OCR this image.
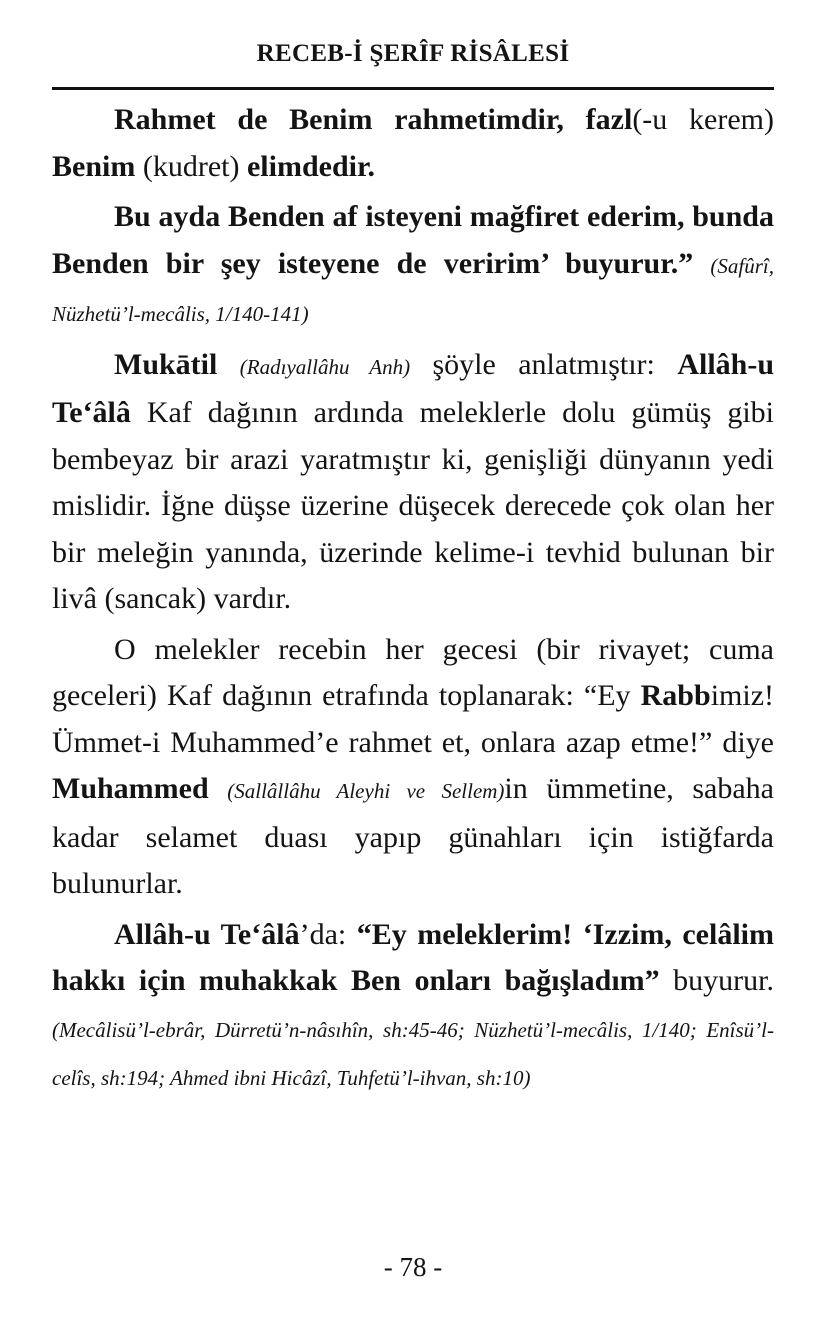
RECEB-İ ŞERÎF RİSÂLESİ

Rahmet de Benim rahmetimdir, fazl(-u kerem) Benim (kudret) elimdedir.

Bu ayda Benden af isteyeni mağfiret ederim, bunda Benden bir şey isteyene de veririm’ buyurur.” (Safûrî, Nüzhetü’l-mecâlis, 1/140-141)

Mukātil (Radıyallâhu Anh) şöyle anlatmıştır: Allâh-u Te‘âlâ Kaf dağının ardında meleklerle dolu gümüş gibi bembeyaz bir arazi yaratmıştır ki, genişliği dünyanın yedi mislidir. İğne düşse üzerine düşecek derecede çok olan her bir meleğin yanında, üzerinde kelime-i tevhid bulunan bir livâ (sancak) vardır.

O melekler recebin her gecesi (bir rivayet; cuma geceleri) Kaf dağının etrafında toplanarak: “Ey Rabbimiz! Ümmet-i Muhammed’e rahmet et, onlara azap etme!” diye Muhammed (Sallâllâhu Aleyhi ve Sellem)in ümmetine, sabaha kadar selamet duası yapıp günahları için istiğfarda bulunurlar.

Allâh-u Te‘âlâ’da: “Ey meleklerim! ‘Izzim, celâlim hakkı için muhakkak Ben onları bağışladım” buyurur. (Mecâlisü’l-ebrâr, Dürretü’n-nâsıhîn, sh:45-46; Nüzhetü’l-mecâlis, 1/140; Enîsü’l-celîs, sh:194; Ahmed ibni Hicâzî, Tuhfetü’l-ihvan, sh:10)

- 78 -
